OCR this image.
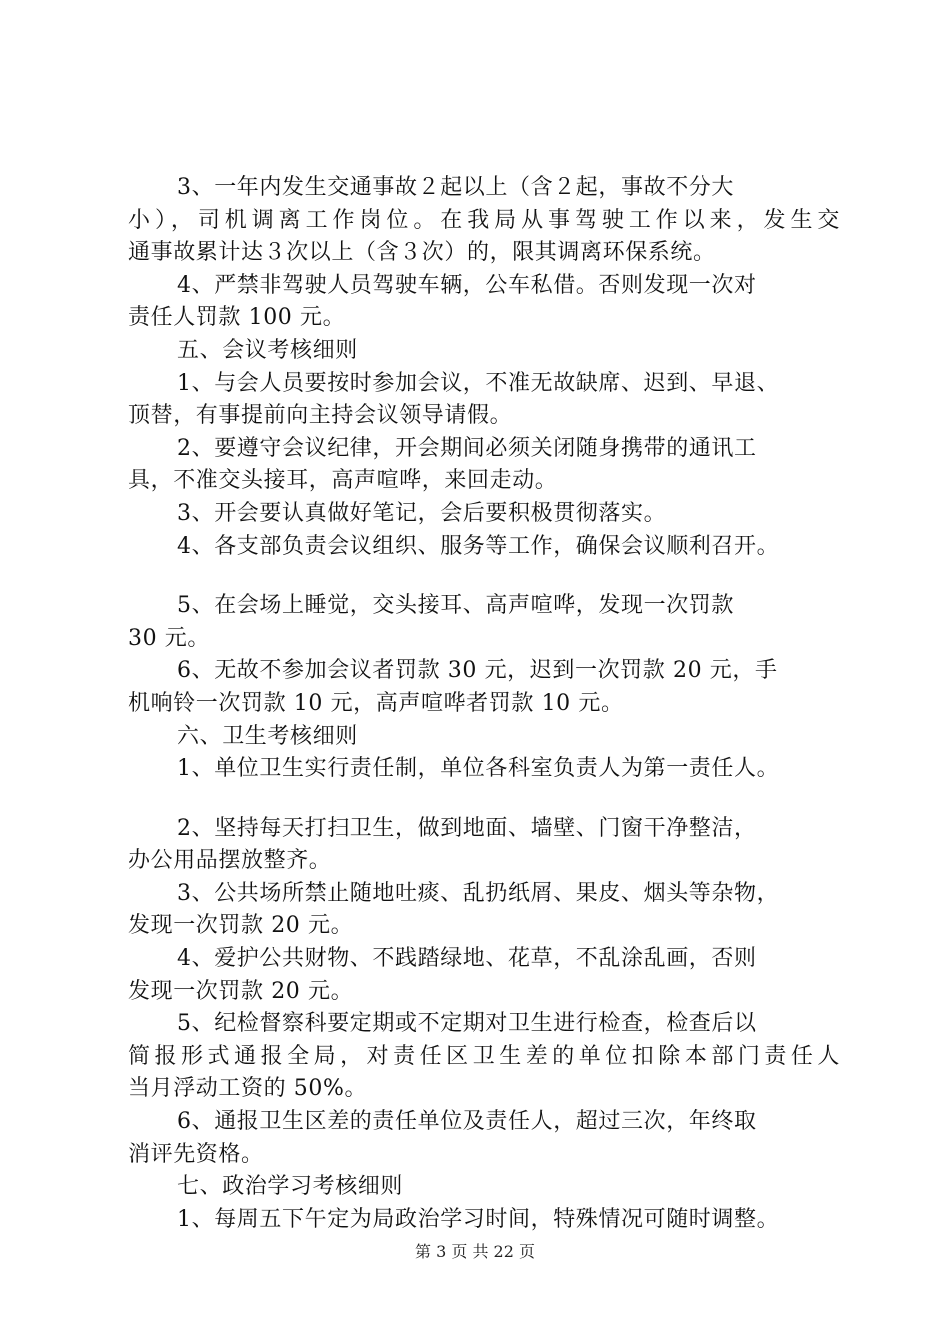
3、一年内发生交通事故２起以上（含２起，事故不分大
小），司机调离工作岗位。在我局从事驾驶工作以来，发生交
通事故累计达３次以上（含３次）的，限其调离环保系统。
4、严禁非驾驶人员驾驶车辆，公车私借。否则发现一次对
责任人罚款 100 元。
五、会议考核细则
1、与会人员要按时参加会议，不准无故缺席、迟到、早退、
顶替，有事提前向主持会议领导请假。
2、要遵守会议纪律，开会期间必须关闭随身携带的通讯工
具，不准交头接耳，高声喧哗，来回走动。
3、开会要认真做好笔记，会后要积极贯彻落实。
4、各支部负责会议组织、服务等工作，确保会议顺利召开。
5、在会场上睡觉，交头接耳、高声喧哗，发现一次罚款
30 元。
6、无故不参加会议者罚款 30 元，迟到一次罚款 20 元，手
机响铃一次罚款 10 元，高声喧哗者罚款 10 元。
六、卫生考核细则
1、单位卫生实行责任制，单位各科室负责人为第一责任人。
2、坚持每天打扫卫生，做到地面、墙壁、门窗干净整洁，
办公用品摆放整齐。
3、公共场所禁止随地吐痰、乱扔纸屑、果皮、烟头等杂物，
发现一次罚款 20 元。
4、爱护公共财物、不践踏绿地、花草，不乱涂乱画，否则
发现一次罚款 20 元。
5、纪检督察科要定期或不定期对卫生进行检查，检查后以
简报形式通报全局，对责任区卫生差的单位扣除本部门责任人
当月浮动工资的 50%。
6、通报卫生区差的责任单位及责任人，超过三次，年终取
消评先资格。
七、政治学习考核细则
1、每周五下午定为局政治学习时间，特殊情况可随时调整。
第 3 页 共 22 页
